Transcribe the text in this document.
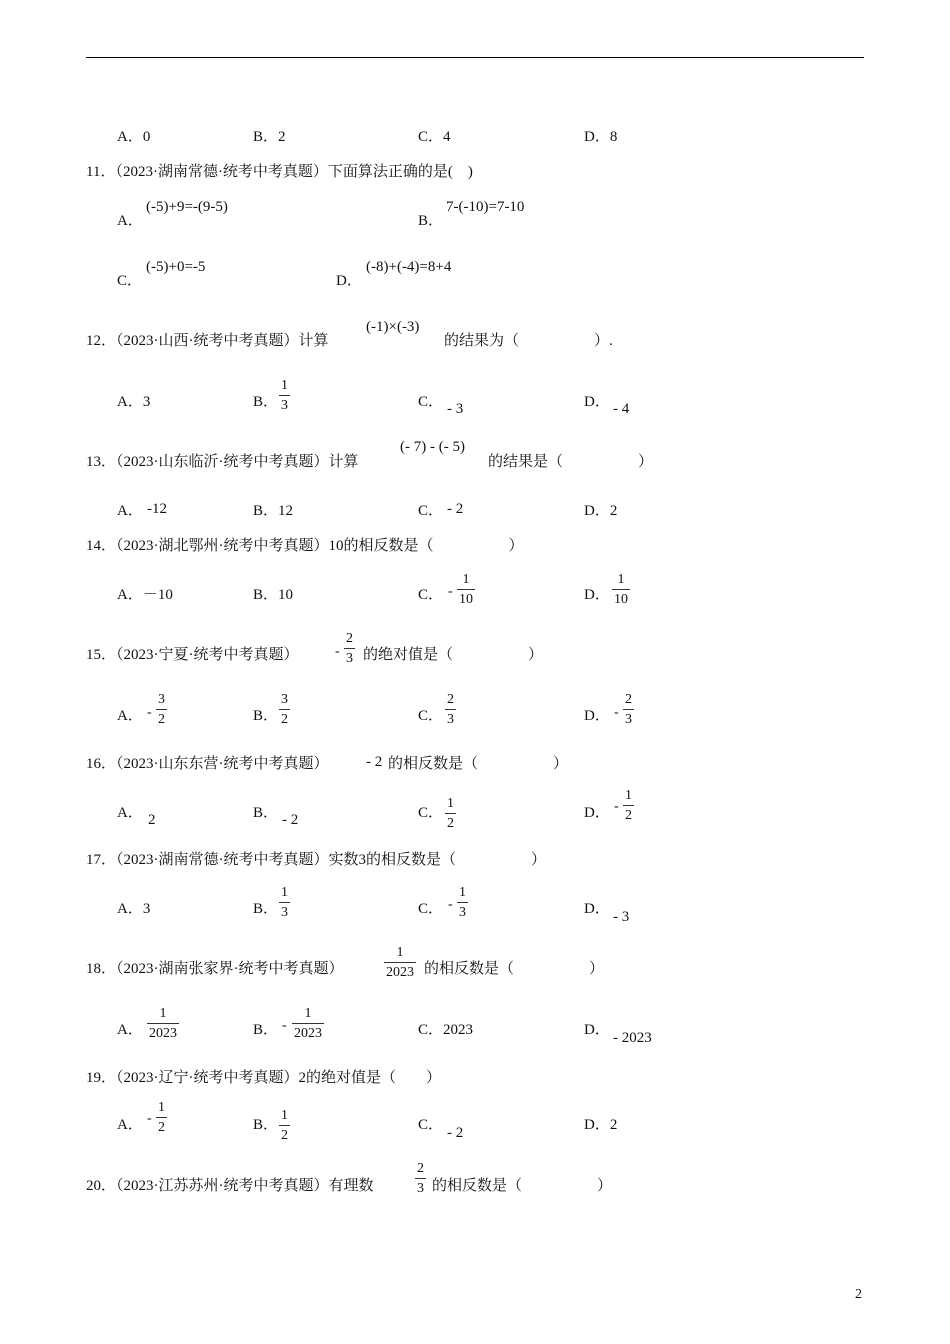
A．0	B．2	C．4	D．8
11．（2023·湖南常德·统考中考真题）下面算法正确的是(　)
A．
(-5)+9=-(9-5)
B．
7-(-10)=7-10
C．
(-5)+0=-5
D．
(-8)+(-4)=8+4
12．（2023·山西·统考中考真题）计算
(-1)×(-3)
的结果为（　　　　　）.
A．3	B． $\frac{1}{3}$	C． - 3	D． - 4
13．（2023·山东临沂·统考中考真题）计算
(- 7) - (- 5)
的结果是（　　　　　）
A． -12	B．12	C． - 2	D．2
14．（2023·湖北鄂州·统考中考真题）10的相反数是（　　　　　）
A．－10	B．10	C． - $\frac{1}{10}$	D． $\frac{1}{10}$
15．（2023·宁夏·统考中考真题）	- $\frac{2}{3}$ 的绝对值是（　　　　　）
A． - $\frac{3}{2}$	B． $\frac{3}{2}$	C． $\frac{2}{3}$	D． - $\frac{2}{3}$
16．（2023·山东东营·统考中考真题）	- 2 的相反数是（　　　　　）
A． 2	B． - 2	C． $\frac{1}{2}$	D． - $\frac{1}{2}$
17．（2023·湖南常德·统考中考真题）实数3的相反数是（　　　　　）
A．3	B． $\frac{1}{3}$	C． - $\frac{1}{3}$	D． - 3
18．（2023·湖南张家界·统考中考真题）	$\frac{1}{2023}$ 的相反数是（　　　　　）
A． $\frac{1}{2023}$	B． - $\frac{1}{2023}$	C．2023	D． - 2023
19．（2023·辽宁·统考中考真题）2的绝对值是（　　）
A． - $\frac{1}{2}$	B． $\frac{1}{2}$	C． - 2	D．2
20．（2023·江苏苏州·统考中考真题）有理数	$\frac{2}{3}$ 的相反数是（　　　　　）
2
